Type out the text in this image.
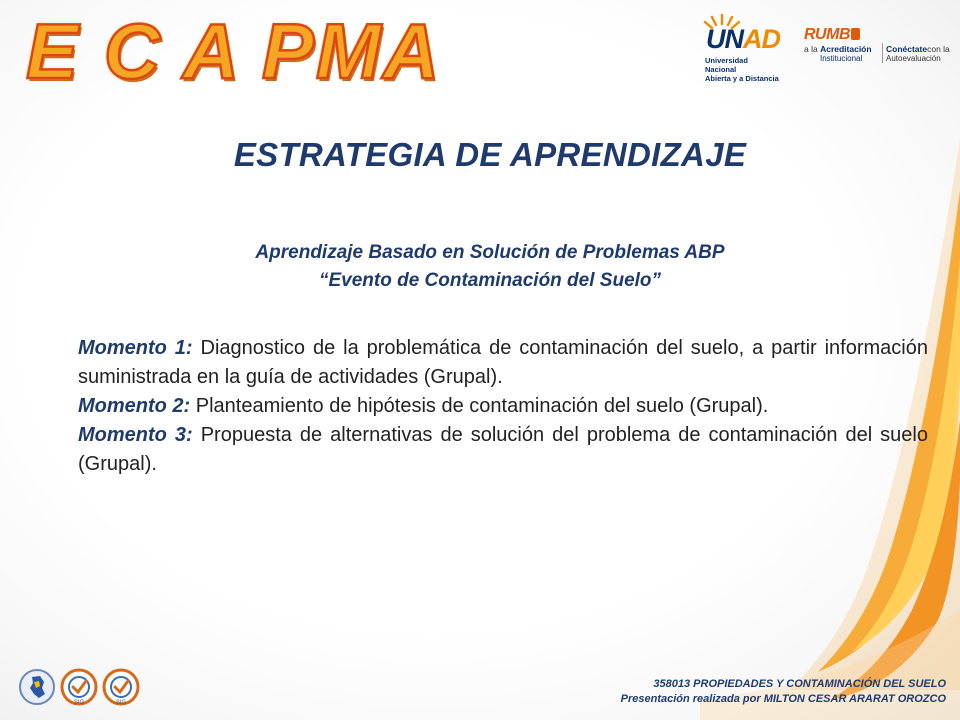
E C A PMA	UNAD
Universidad Nacional
Abierta y a Distancia
RUMB
a la Acreditación
Institucional
Conéctatecon la
Autoevaluación
ESTRATEGIA DE APRENDIZAJE
Aprendizaje Basado en Solución de Problemas ABP
“Evento de Contaminación del Suelo”

Momento 1: Diagnostico de la problemática de contaminación del suelo, a partir información suministrada en la guía de actividades (Grupal).

Momento 2: Planteamiento de hipótesis de contaminación del suelo (Grupal).

Momento 3: Propuesta de alternativas de solución del problema de contaminación del suelo (Grupal).

SIG	SIG
358013 PROPIEDADES Y CONTAMINACIÓN DEL SUELO
Presentación realizada por MILTON CESAR ARARAT OROZCO
